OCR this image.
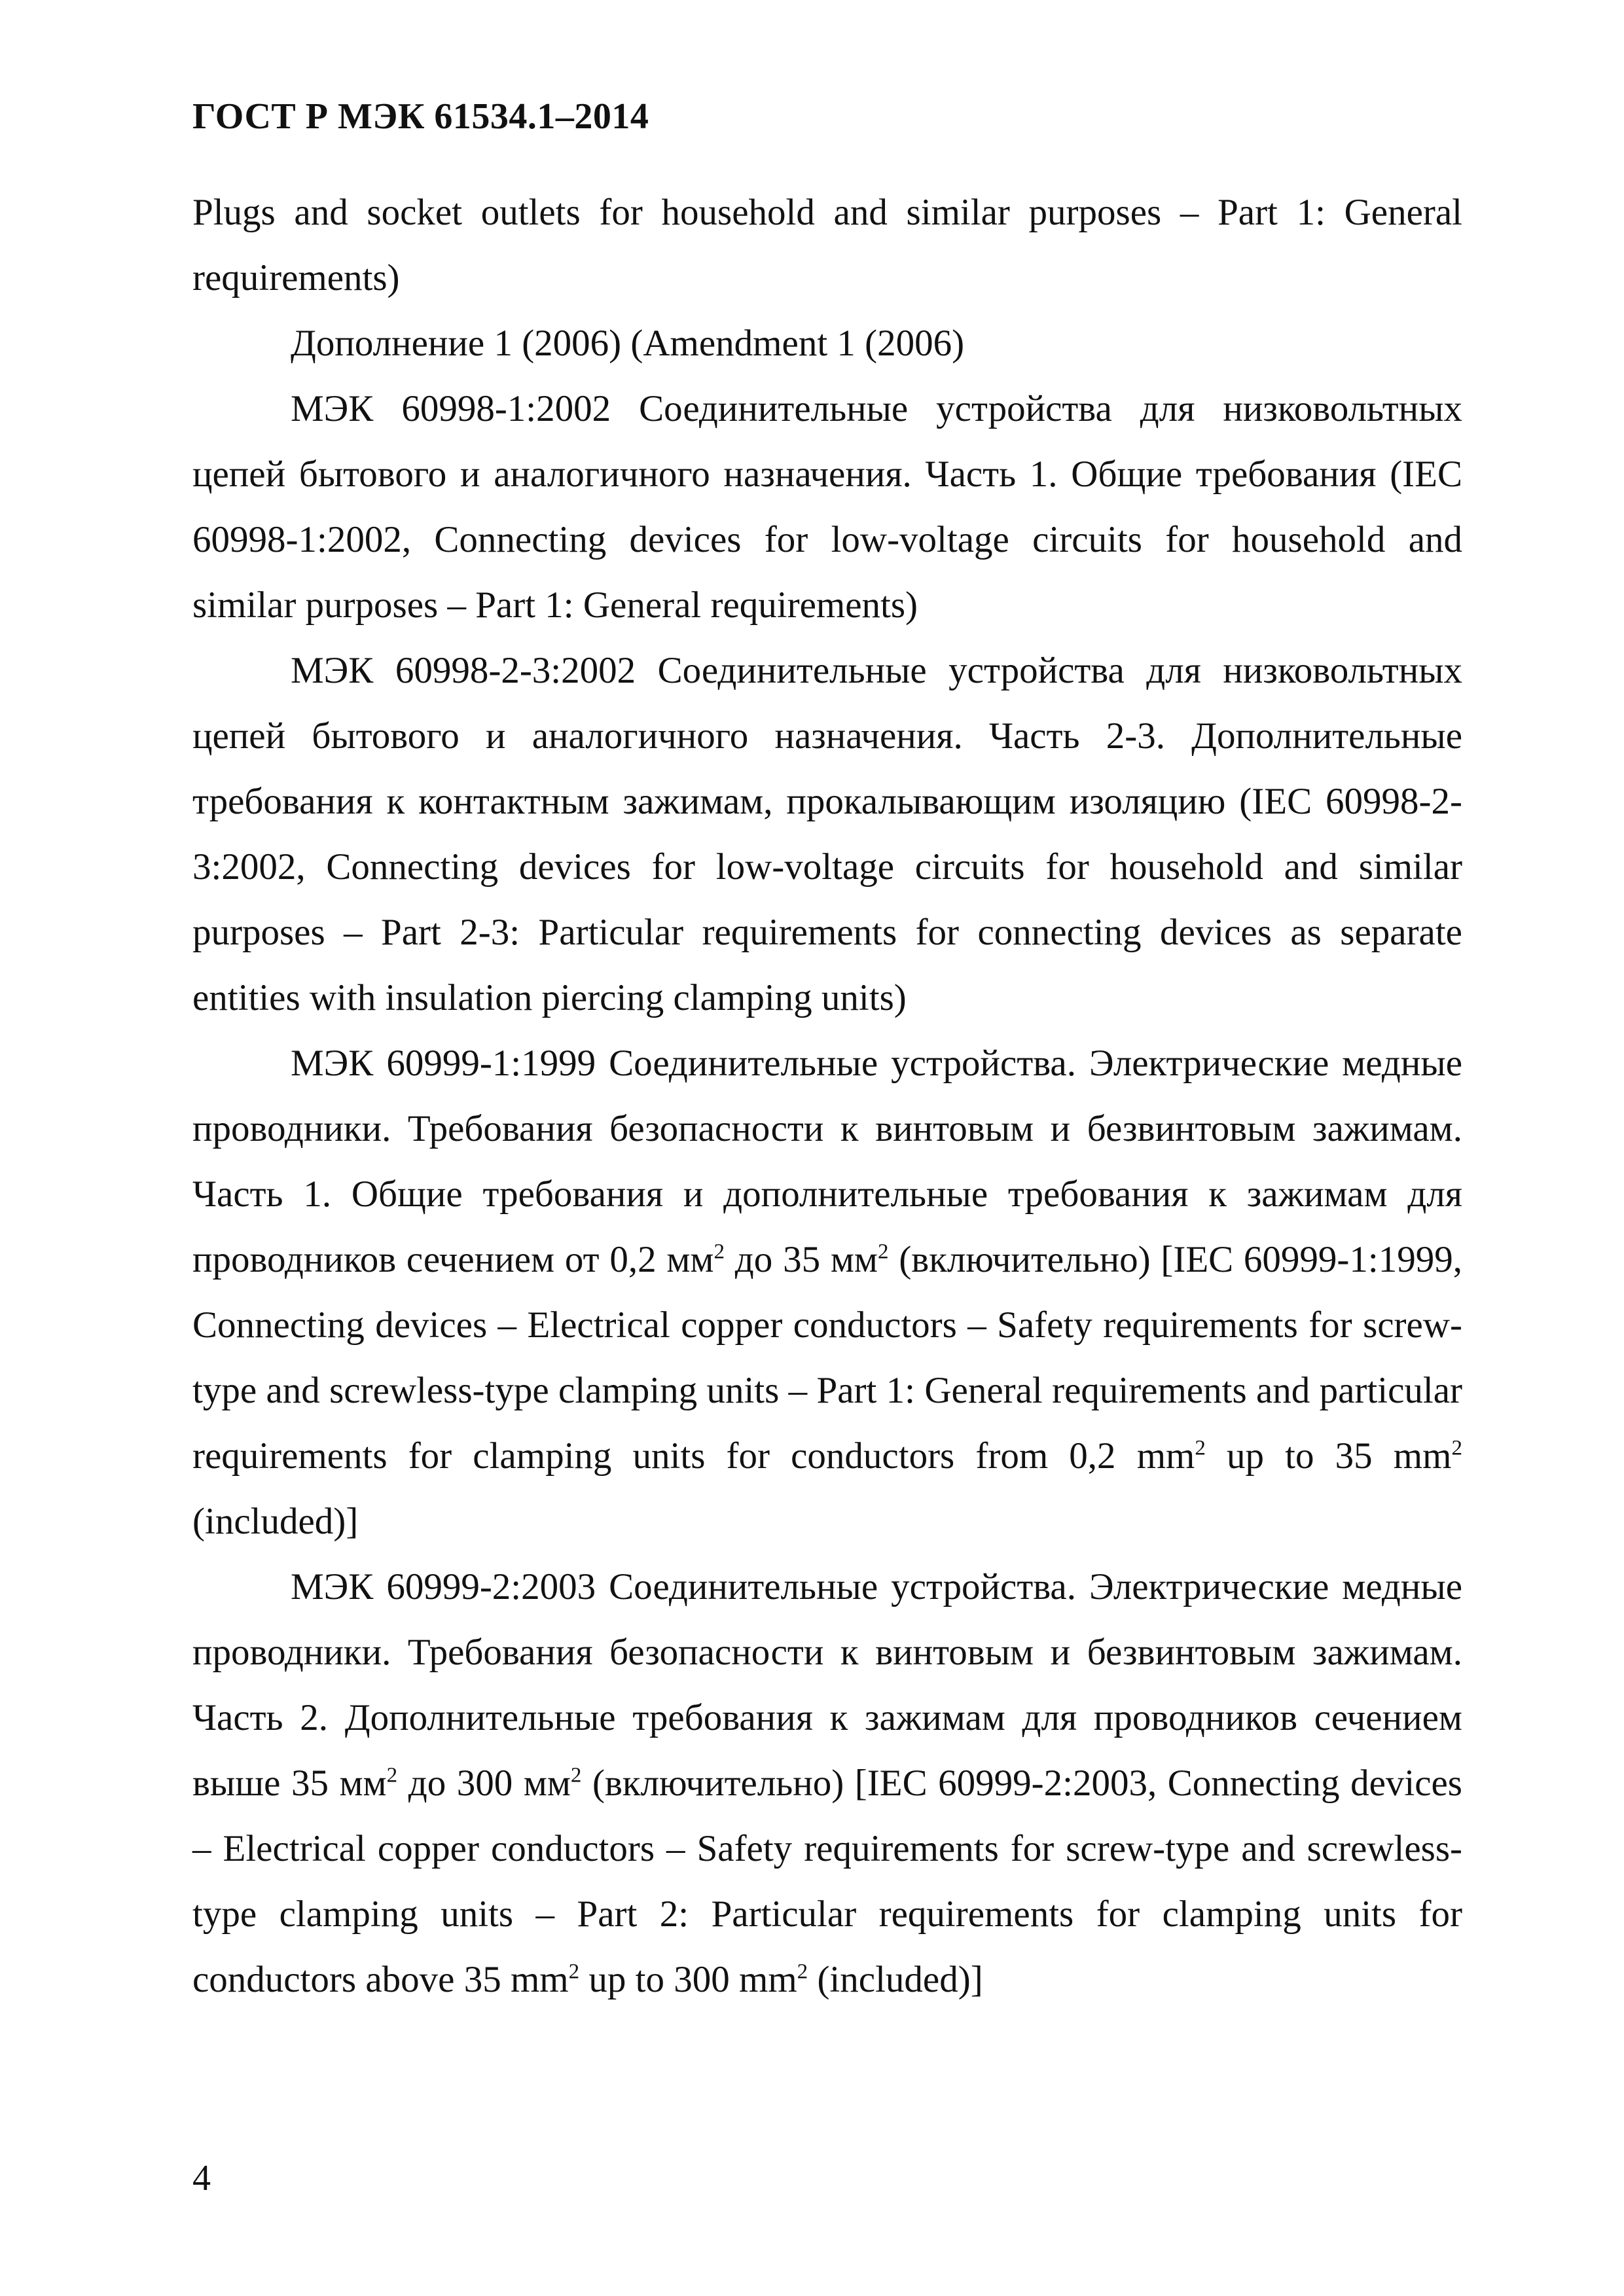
ГОСТ Р МЭК 61534.1–2014

Plugs and socket outlets for household and similar purposes – Part 1: General requirements)

Дополнение 1 (2006) (Amendment 1 (2006)

МЭК 60998-1:2002 Соединительные устройства для низковольтных цепей бытового и аналогичного назначения. Часть 1. Общие требования (IEC 60998-1:2002, Connecting devices for low-voltage circuits for household and similar purposes – Part 1: General requirements)

МЭК 60998-2-3:2002 Соединительные устройства для низковольтных цепей бытового и аналогичного назначения. Часть 2-3. Дополнительные требования к контактным зажимам, прокалывающим изоляцию (IEC 60998-2-3:2002, Connecting devices for low-voltage circuits for household and similar purposes – Part 2-3: Particular requirements for connecting devices as separate entities with insulation piercing clamping units)

МЭК 60999-1:1999 Соединительные устройства. Электрические медные проводники. Требования безопасности к винтовым и безвинтовым зажимам. Часть 1. Общие требования и дополнительные требования к зажимам для проводников сечением от 0,2 $мм^2$ до 35 $мм^2$ (включительно) [IEC 60999-1:1999, Connecting devices – Electrical copper conductors – Safety requirements for screw-type and screwless-type clamping units – Part 1: General requirements and particular requirements for clamping units for conductors from 0,2 $mm^2$ up to 35 $mm^2$ (included)]

МЭК 60999-2:2003 Соединительные устройства. Электрические медные проводники. Требования безопасности к винтовым и безвинтовым зажимам. Часть 2. Дополнительные требования к зажимам для проводников сечением выше 35 $мм^2$ до 300 $мм^2$ (включительно) [IEC 60999-2:2003, Connecting devices – Electrical copper conductors – Safety requirements for screw-type and screwless-type clamping units – Part 2: Particular requirements for clamping units for conductors above 35 $mm^2$ up to 300 $mm^2$ (included)]

4
